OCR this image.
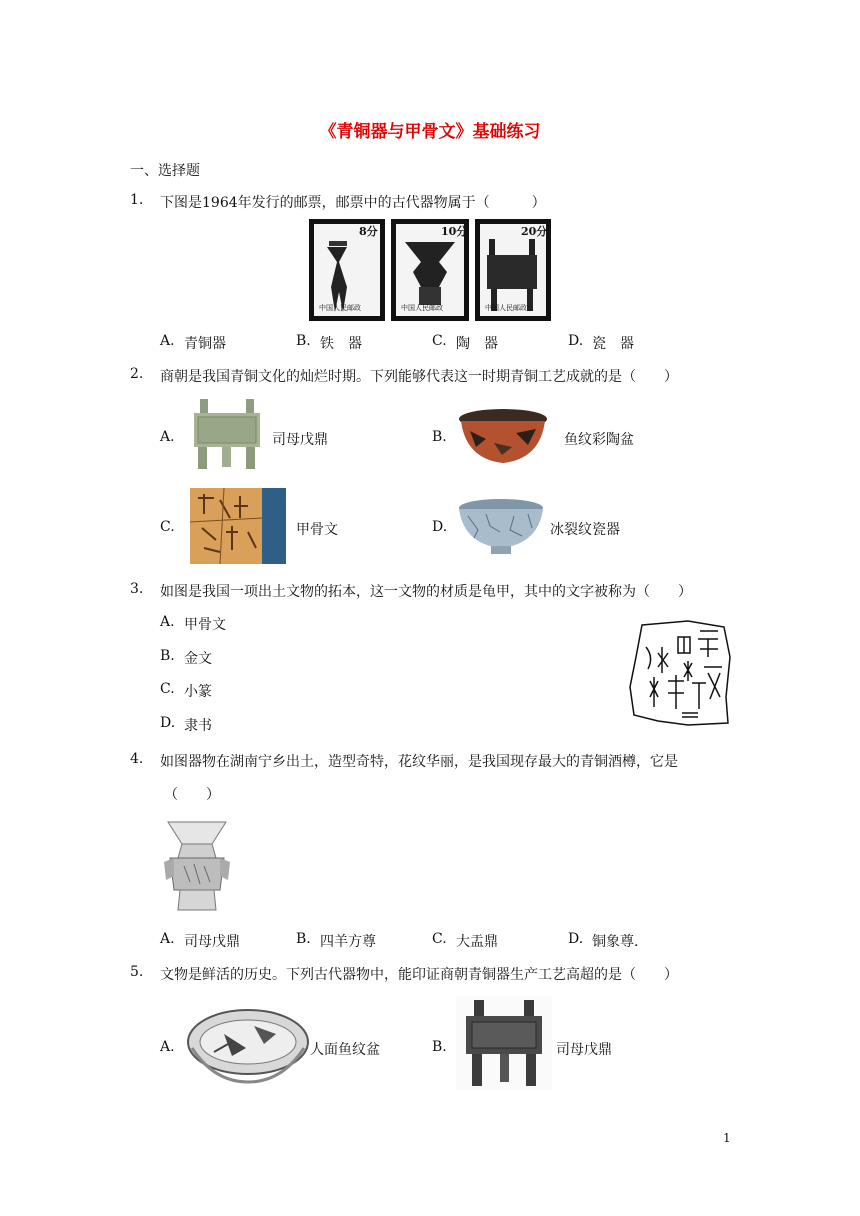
《青铜器与甲骨文》基础练习
一、选择题
1. 下图是1964年发行的邮票，邮票中的古代器物属于（　　　）
8分	10分	20分
中国人民邮政	中国人民邮政	中国人民邮政
A. 青铜器	B. 铁　器	C. 陶　器	D. 瓷　器
2. 商朝是我国青铜文化的灿烂时期。下列能够代表这一时期青铜工艺成就的是（　　）
A.	司母戊鼎	B.	鱼纹彩陶盆
C.	甲骨文	D.	冰裂纹瓷器
3. 如图是我国一项出土文物的拓本，这一文物的材质是龟甲，其中的文字被称为（　　）
A. 甲骨文
B. 金文
C. 小篆
D. 隶书
4. 如图器物在湖南宁乡出土，造型奇特，花纹华丽，是我国现存最大的青铜酒樽，它是
（　　）
A. 司母戊鼎	B. 四羊方尊	C. 大盂鼎	D. 铜象尊.
5. 文物是鲜活的历史。下列古代器物中，能印证商朝青铜器生产工艺高超的是（　　）
A.	人面鱼纹盆	B.	司母戊鼎
1
